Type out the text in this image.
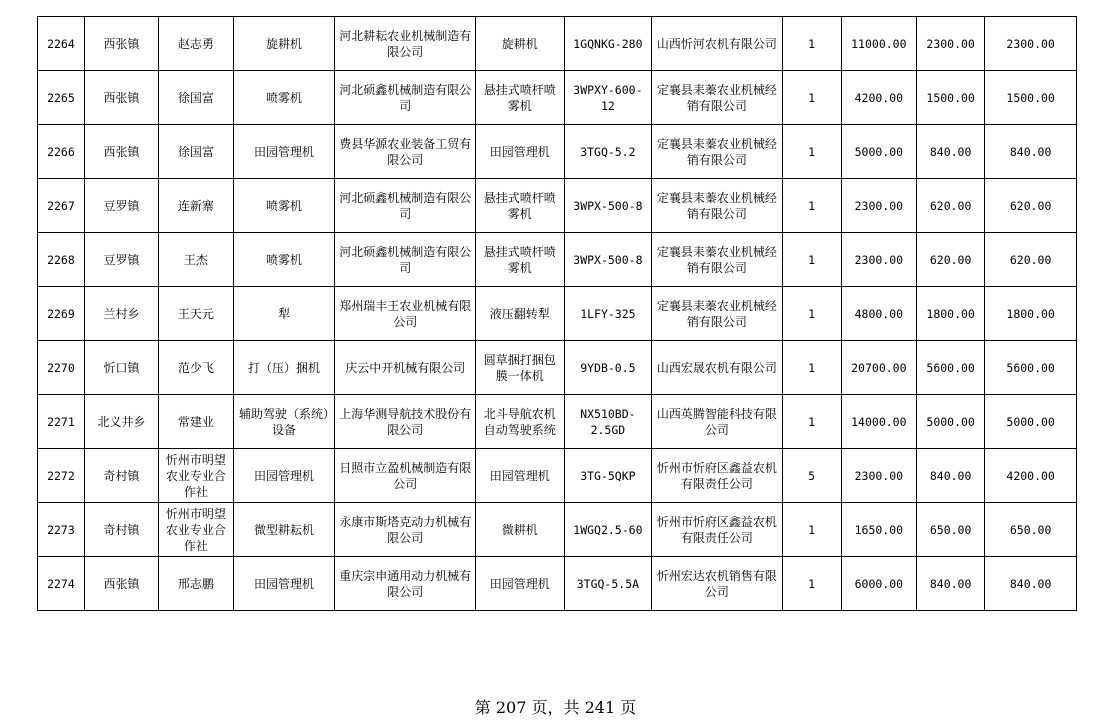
2264	西张镇	赵志勇	旋耕机	河北耕耘农业机械制造有限公司	旋耕机	1GQNKG-280	山西忻河农机有限公司	1	11000.00	2300.00	2300.00
2265	西张镇	徐国富	喷雾机	河北硕鑫机械制造有限公司	悬挂式喷杆喷雾机	3WPXY-600-12	定襄县耒蓁农业机械经销有限公司	1	4200.00	1500.00	1500.00
2266	西张镇	徐国富	田园管理机	费县华源农业装备工贸有限公司	田园管理机	3TGQ-5.2	定襄县耒蓁农业机械经销有限公司	1	5000.00	840.00	840.00
2267	豆罗镇	连新寨	喷雾机	河北硕鑫机械制造有限公司	悬挂式喷杆喷雾机	3WPX-500-8	定襄县耒蓁农业机械经销有限公司	1	2300.00	620.00	620.00
2268	豆罗镇	王杰	喷雾机	河北硕鑫机械制造有限公司	悬挂式喷杆喷雾机	3WPX-500-8	定襄县耒蓁农业机械经销有限公司	1	2300.00	620.00	620.00
2269	兰村乡	王天元	犁	郑州瑞丰王农业机械有限公司	液压翻转犁	1LFY-325	定襄县耒蓁农业机械经销有限公司	1	4800.00	1800.00	1800.00
2270	忻口镇	范少飞	打（压）捆机	庆云中开机械有限公司	圆草捆打捆包膜一体机	9YDB-0.5	山西宏晟农机有限公司	1	20700.00	5600.00	5600.00
2271	北义井乡	常建业	辅助驾驶（系统）设备	上海华测导航技术股份有限公司	北斗导航农机自动驾驶系统	NX510BD-2.5GD	山西英腾智能科技有限公司	1	14000.00	5000.00	5000.00
2272	奇村镇	忻州市明望农业专业合作社	田园管理机	日照市立盈机械制造有限公司	田园管理机	3TG-5QKP	忻州市忻府区鑫益农机有限责任公司	5	2300.00	840.00	4200.00
2273	奇村镇	忻州市明望农业专业合作社	微型耕耘机	永康市斯塔克动力机械有限公司	微耕机	1WGQ2.5-60	忻州市忻府区鑫益农机有限责任公司	1	1650.00	650.00	650.00
2274	西张镇	邢志鹏	田园管理机	重庆宗申通用动力机械有限公司	田园管理机	3TGQ-5.5A	忻州宏达农机销售有限公司	1	6000.00	840.00	840.00
第 207 页，共 241 页
